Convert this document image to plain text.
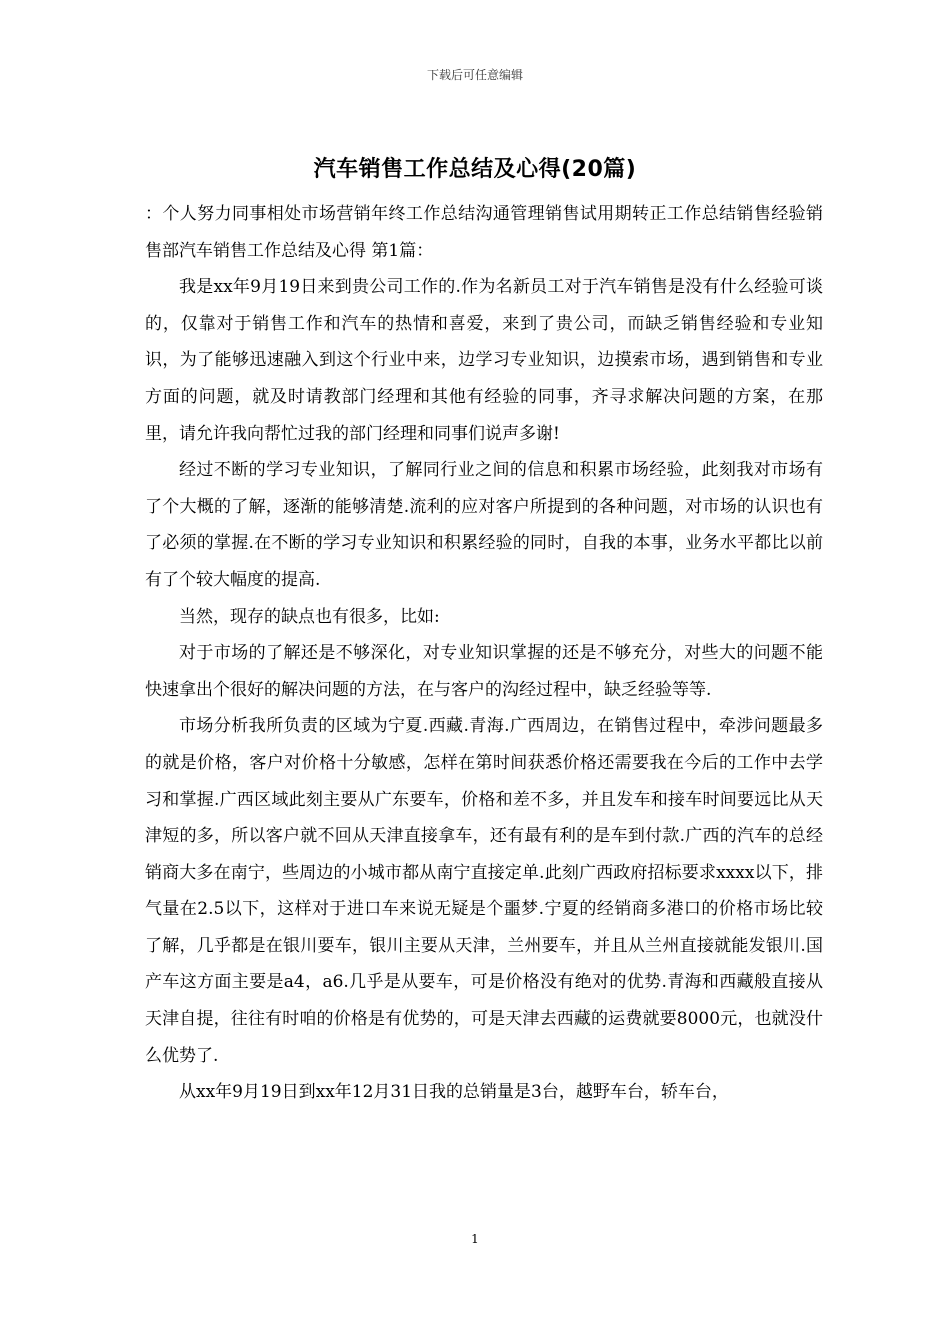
下载后可任意编辑
汽车销售工作总结及心得(20篇)

：个人努力同事相处市场营销年终工作总结沟通管理销售试用期转正工作总结销售经验销售部汽车销售工作总结及心得 第1篇：

我是xx年9月19日来到贵公司工作的.作为名新员工对于汽车销售是没有什么经验可谈的，仅靠对于销售工作和汽车的热情和喜爱，来到了贵公司，而缺乏销售经验和专业知识，为了能够迅速融入到这个行业中来，边学习专业知识，边摸索市场，遇到销售和专业方面的问题，就及时请教部门经理和其他有经验的同事，齐寻求解决问题的方案，在那里，请允许我向帮忙过我的部门经理和同事们说声多谢!

经过不断的学习专业知识，了解同行业之间的信息和积累市场经验，此刻我对市场有了个大概的了解，逐渐的能够清楚.流利的应对客户所提到的各种问题，对市场的认识也有了必须的掌握.在不断的学习专业知识和积累经验的同时，自我的本事，业务水平都比以前有了个较大幅度的提高.

当然，现存的缺点也有很多，比如:

对于市场的了解还是不够深化，对专业知识掌握的还是不够充分，对些大的问题不能快速拿出个很好的解决问题的方法，在与客户的沟经过程中，缺乏经验等等.

市场分析我所负责的区域为宁夏.西藏.青海.广西周边，在销售过程中，牵涉问题最多的就是价格，客户对价格十分敏感，怎样在第时间获悉价格还需要我在今后的工作中去学习和掌握.广西区域此刻主要从广东要车，价格和差不多，并且发车和接车时间要远比从天津短的多，所以客户就不回从天津直接拿车，还有最有利的是车到付款.广西的汽车的总经销商大多在南宁，些周边的小城市都从南宁直接定单.此刻广西政府招标要求xxxx以下，排气量在2.5以下，这样对于进口车来说无疑是个噩梦.宁夏的经销商多港口的价格市场比较了解，几乎都是在银川要车，银川主要从天津，兰州要车，并且从兰州直接就能发银川.国产车这方面主要是a4，a6.几乎是从要车，可是价格没有绝对的优势.青海和西藏般直接从天津自提，往往有时咱的价格是有优势的，可是天津去西藏的运费就要8000元，也就没什么优势了.

从xx年9月19日到xx年12月31日我的总销量是3台，越野车台，轿车台，

1
